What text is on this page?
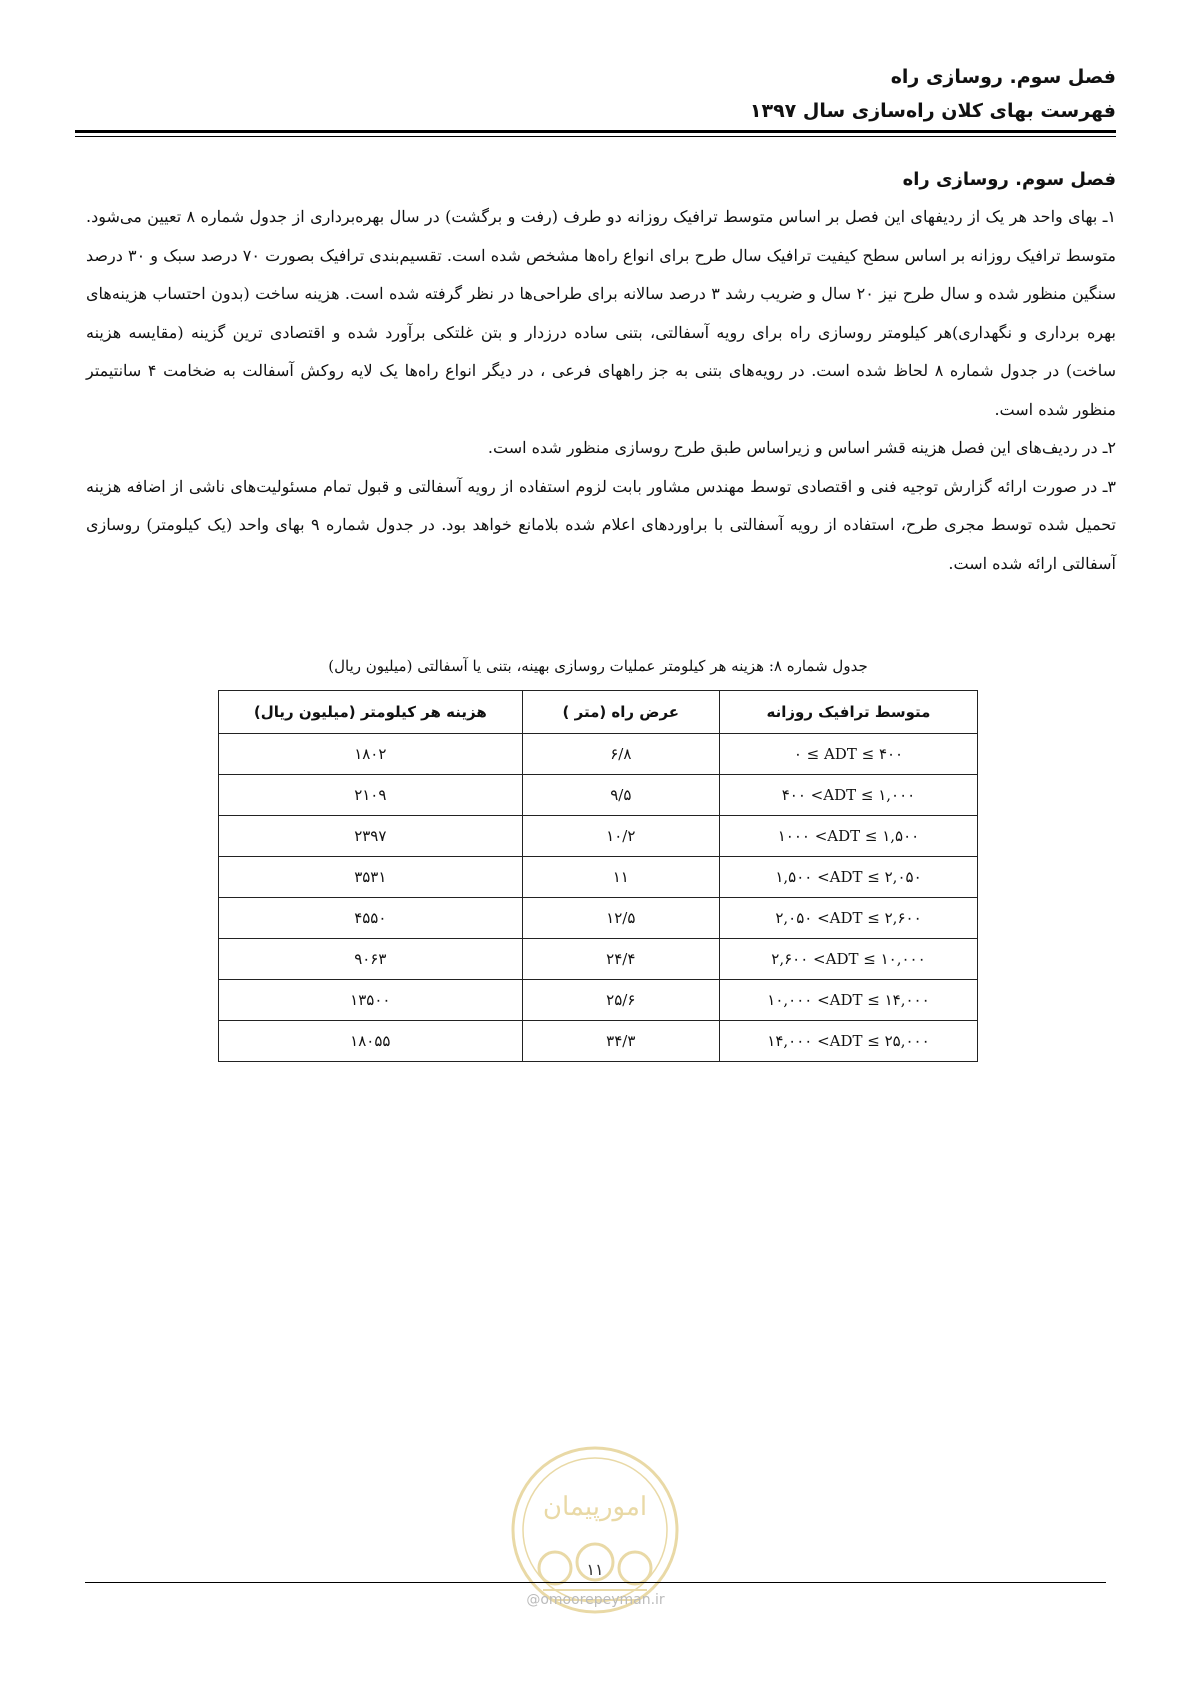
فصل سوم. روسازی راه
فهرست بهای کلان راه‌سازی سال ۱۳۹۷
فصل سوم. روسازی راه

۱ـ بهای واحد هر یک از ردیفهای این فصل بر اساس متوسط ترافیک روزانه دو طرف (رفت و برگشت) در سال بهره‌برداری از جدول شماره ۸ تعیین می‌شود. متوسط ترافیک روزانه بر اساس سطح کیفیت ترافیک سال طرح برای انواع راه‌ها مشخص شده است. تقسیم‌بندی ترافیک بصورت ۷۰ درصد سبک و ۳۰ درصد سنگین منظور شده و سال طرح نیز ۲۰ سال و ضریب رشد ۳ درصد سالانه برای طراحی‌ها در نظر گرفته شده است. هزینه ساخت (بدون احتساب هزینه‌های بهره برداری و نگهداری)هر کیلومتر روسازی راه برای رویه آسفالتی، بتنی ساده درزدار و بتن غلتکی برآورد شده و اقتصادی ترین گزینه (مقایسه هزینه ساخت) در جدول شماره ۸ لحاظ شده است. در رویه‌های بتنی به جز راههای فرعی ، در دیگر انواع راه‌ها یک لایه روکش آسفالت به ضخامت ۴ سانتیمتر منظور شده است.

۲ـ در ردیف‌های این فصل هزینه قشر اساس و زیراساس طبق طرح روسازی منظور شده است.

۳ـ در صورت ارائه گزارش توجیه فنی و اقتصادی توسط مهندس مشاور بابت لزوم استفاده از رویه آسفالتی و قبول تمام مسئولیت‌های ناشی از اضافه هزینه تحمیل شده توسط مجری طرح، استفاده از رویه آسفالتی با براوردهای اعلام شده بلامانع خواهد بود. در جدول شماره ۹ بهای واحد (یک کیلومتر) روسازی آسفالتی ارائه شده است.

جدول شماره ۸: هزینه هر کیلومتر عملیات روسازی بهینه، بتنی یا آسفالتی (میلیون ریال)
متوسط ترافیک روزانه	عرض راه (متر )	هزینه هر کیلومتر (میلیون ریال)
۰ ≤ ADT ≤ ۴۰۰	۶/۸	۱۸۰۲
۴۰۰ <ADT ≤ ۱,۰۰۰	۹/۵	۲۱۰۹
۱۰۰۰ <ADT ≤ ۱,۵۰۰	۱۰/۲	۲۳۹۷
۱,۵۰۰ <ADT ≤ ۲,۰۵۰	۱۱	۳۵۳۱
۲,۰۵۰ <ADT ≤ ۲,۶۰۰	۱۲/۵	۴۵۵۰
۲,۶۰۰ <ADT ≤ ۱۰,۰۰۰	۲۴/۴	۹۰۶۳
۱۰,۰۰۰ <ADT ≤ ۱۴,۰۰۰	۲۵/۶	۱۳۵۰۰
۱۴,۰۰۰ <ADT ≤ ۲۵,۰۰۰	۳۴/۳	۱۸۰۵۵
امورپیمان
۱۱
@omoorepeyman.ir
